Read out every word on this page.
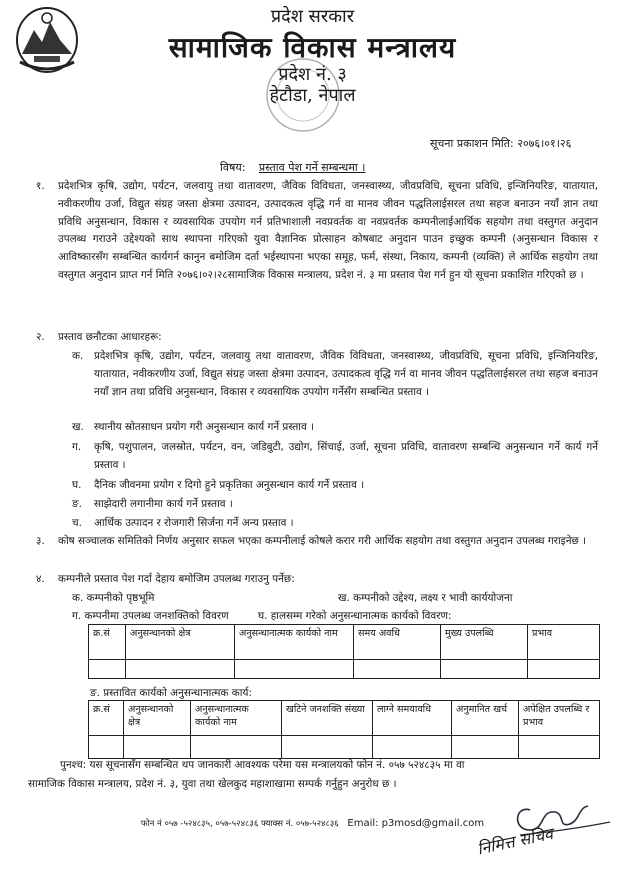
प्रदेश सरकार
सामाजिक विकास मन्त्रालय
प्रदेश नं. ३
हेटौडा, नेपाल
सूचना प्रकाशन मिति: २०७६।०१।२६
विषय: प्रस्ताव पेश गर्ने सम्बन्धमा ।
१. प्रदेशभित्र कृषि, उद्योग, पर्यटन, जलवायु तथा वातावरण, जैविक विविधता, जनस्वास्थ्य, जीवप्रविधि, सूचना प्रविधि, इन्जिनियरिङ, यातायात, नवीकरणीय उर्जा, विद्युत संग्रह जस्ता क्षेत्रमा उत्पादन, उत्पादकत्व वृद्धि गर्न वा मानव जीवन पद्धतिलाईसरल तथा सहज बनाउन नयाँ ज्ञान तथा प्रविधि अनुसन्धान, विकास र व्यवसायिक उपयोग गर्न प्रतिभाशाली नवप्रवर्तक वा नवप्रवर्तक कम्पनीलाईआर्थिक सहयोग तथा वस्तुगत अनुदान उपलब्ध गराउने उद्देश्यको साथ स्थापना गरिएको युवा वैज्ञानिक प्रोत्साहन कोषबाट अनुदान पाउन इच्छुक कम्पनी (अनुसन्धान विकास र आविष्कारसँग सम्बन्धित कार्यगर्न कानुन बमोजिम दर्ता भईस्थापना भएका समूह, फर्म, संस्था, निकाय, कम्पनी (व्यक्ति) ले आर्थिक सहयोग तथा वस्तुगत अनुदान प्राप्त गर्न मिति २०७६।०२।२८सामाजिक विकास मन्त्रालय, प्रदेश नं. ३ मा प्रस्ताव पेश गर्न हुन यो सूचना प्रकाशित गरिएको छ ।
२. प्रस्ताव छनौटका आधारहरू:
क. प्रदेशभित्र कृषि, उद्योग, पर्यटन, जलवायु तथा वातावरण, जैविक विविधता, जनस्वास्थ्य, जीवप्रविधि, सूचना प्रविधि, इन्जिनियरिङ, यातायात, नवीकरणीय उर्जा, विद्युत संग्रह जस्ता क्षेत्रमा उत्पादन, उत्पादकत्व वृद्धि गर्न वा मानव जीवन पद्धतिलाईसरल तथा सहज बनाउन नयाँ ज्ञान तथा प्रविधि अनुसन्धान, विकास र व्यवसायिक उपयोग गर्नेसँग सम्बन्धित प्रस्ताव ।
ख. स्थानीय स्रोतसाधन प्रयोग गरी अनुसन्धान कार्य गर्ने प्रस्ताव ।
ग. कृषि, पशुपालन, जलस्रोत, पर्यटन, वन, जडिबुटी, उद्योग, सिंचाई, उर्जा, सूचना प्रविधि, वातावरण सम्बन्धि अनुसन्धान गर्ने कार्य गर्ने प्रस्ताव ।
घ. दैनिक जीवनमा प्रयोग र दिगो हुने प्रकृतिका अनुसन्धान कार्य गर्ने प्रस्ताव ।
ङ. साझेदारी लगानीमा कार्य गर्ने प्रस्ताव ।
च. आर्थिक उत्पादन र रोजगारी सिर्जना गर्ने अन्य प्रस्ताव ।
३. कोष सञ्चालक समितिको निर्णय अनुसार सफल भएका कम्पनीलाई कोषले करार गरी आर्थिक सहयोग तथा वस्तुगत अनुदान उपलब्ध गराइनेछ ।
४. कम्पनीले प्रस्ताव पेश गर्दा देहाय बमोजिम उपलब्ध गराउनु पर्नेछ:
क. कम्पनीको पृष्ठभूमि	ख. कम्पनीको उद्देश्य, लक्ष्य र भावी कार्ययोजना
ग. कम्पनीमा उपलब्ध जनशक्तिको विवरण	घ. हालसम्म गरेको अनुसन्धानात्मक कार्यको विवरण:
क्र.सं	अनुसन्धानको क्षेत्र	अनुसन्धानात्मक कार्यको नाम	समय अवधि	मुख्य उपलब्धि	प्रभाव

ङ. प्रस्तावित कार्यको अनुसन्धानात्मक कार्य:
क्र.सं	अनुसन्धानको क्षेत्र	अनुसन्धानात्मक कार्यको नाम	खटिने जनशक्ति संख्या	लाग्ने समयावधि	अनुमानित खर्च	अपेक्षित उपलब्धि र प्रभाव

पुनश्च: यस सूचनासँग सम्बन्धित थप जानकारी आवश्यक परेमा यस मन्त्रालयको फोन नं. ०५७ ५२४८३५ मा वा
सामाजिक विकास मन्त्रालय, प्रदेश नं. ३, युवा तथा खेलकुद महाशाखामा सम्पर्क गर्नुहुन अनुरोध छ ।
फोन नं ०५७ -५२४८३५, ०५७-५२४८३६ फ्याक्स नं. ०५७-५२४८३६ Email: p3mosd@gmail.com
निमित्त सचिव
